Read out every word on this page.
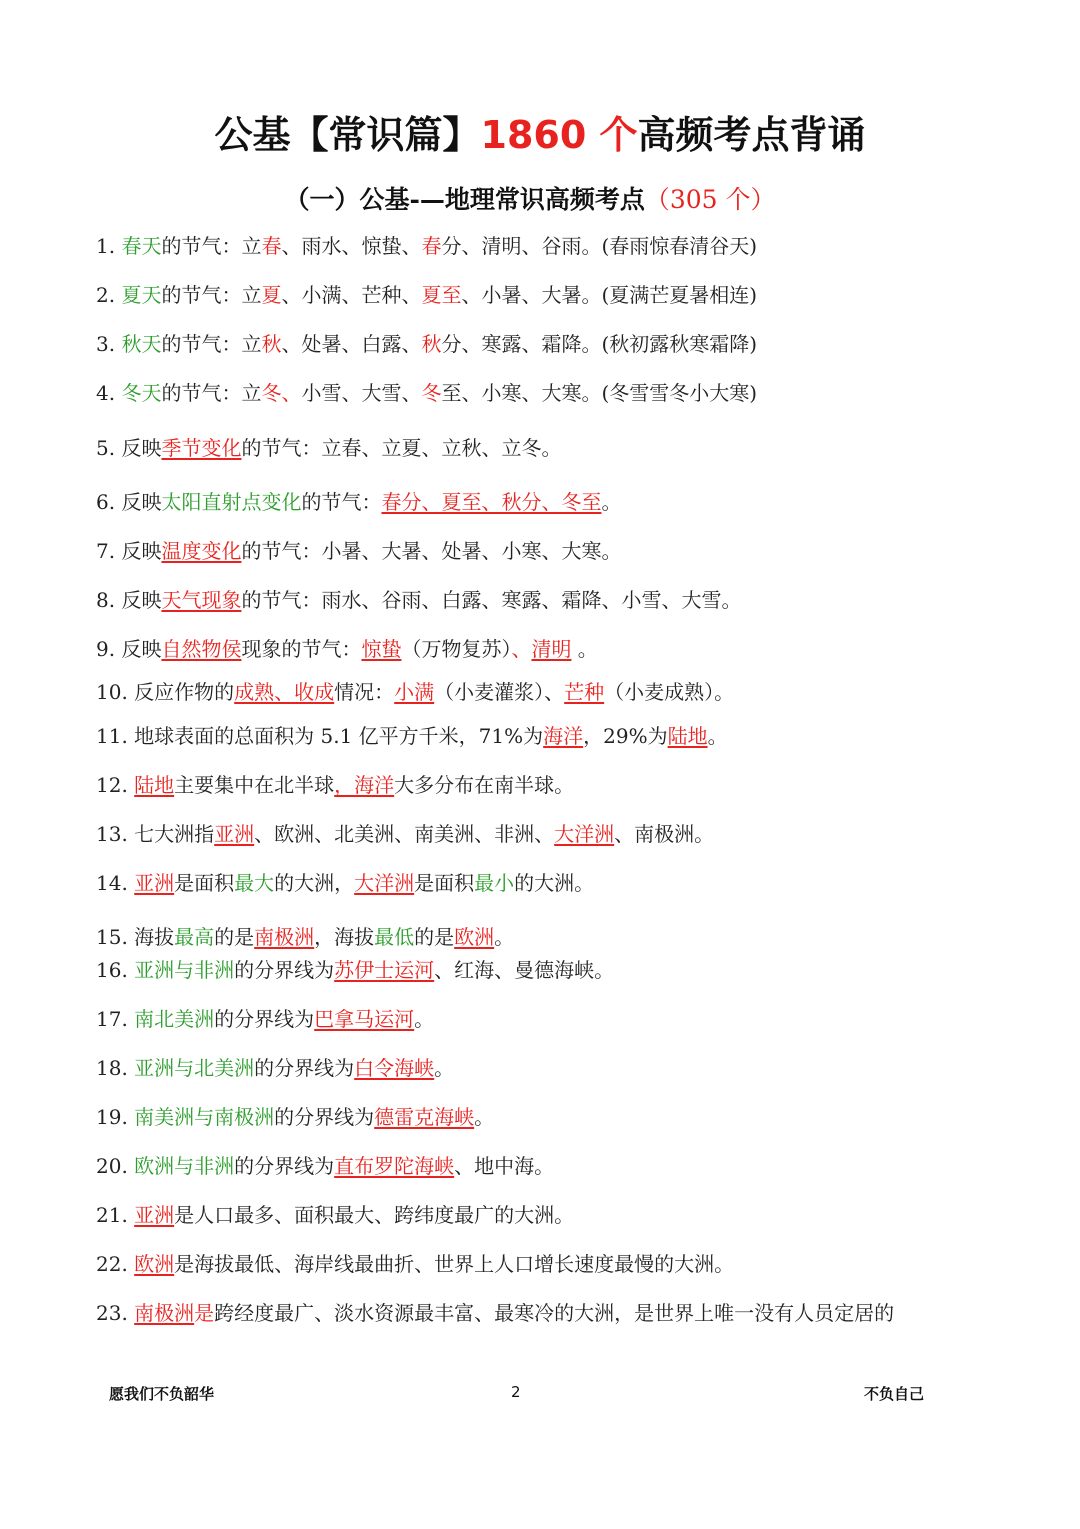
公基【常识篇】1860 个高频考点背诵
（一）公基-—地理常识高频考点（305 个）
1. 春天的节气：立春、雨水、惊蛰、春分、清明、谷雨。(春雨惊春清谷天)
2. 夏天的节气：立夏、小满、芒种、夏至、小暑、大暑。(夏满芒夏暑相连)
3. 秋天的节气：立秋、处暑、白露、秋分、寒露、霜降。(秋初露秋寒霜降)
4. 冬天的节气：立冬、小雪、大雪、冬至、小寒、大寒。(冬雪雪冬小大寒)
5. 反映季节变化的节气：立春、立夏、立秋、立冬。
6. 反映太阳直射点变化的节气：春分、夏至、秋分、冬至。
7. 反映温度变化的节气：小暑、大暑、处暑、小寒、大寒。
8. 反映天气现象的节气：雨水、谷雨、白露、寒露、霜降、小雪、大雪。
9. 反映自然物侯现象的节气：惊蛰（万物复苏）、清明 。
10. 反应作物的成熟、收成情况：小满（小麦灌浆）、芒种（小麦成熟）。
11. 地球表面的总面积为 5.1 亿平方千米，71%为海洋，29%为陆地。
12. 陆地主要集中在北半球，海洋大多分布在南半球。
13. 七大洲指亚洲、欧洲、北美洲、南美洲、非洲、大洋洲、南极洲。
14. 亚洲是面积最大的大洲，大洋洲是面积最小的大洲。
15. 海拔最高的是南极洲，海拔最低的是欧洲。
16. 亚洲与非洲的分界线为苏伊士运河、红海、曼德海峡。
17. 南北美洲的分界线为巴拿马运河。
18. 亚洲与北美洲的分界线为白令海峡。
19. 南美洲与南极洲的分界线为德雷克海峡。
20. 欧洲与非洲的分界线为直布罗陀海峡、地中海。
21. 亚洲是人口最多、面积最大、跨纬度最广的大洲。
22. 欧洲是海拔最低、海岸线最曲折、世界上人口增长速度最慢的大洲。
23. 南极洲是跨经度最广、淡水资源最丰富、最寒冷的大洲，是世界上唯一没有人员定居的
愿我们不负韶华	2	不负自己
